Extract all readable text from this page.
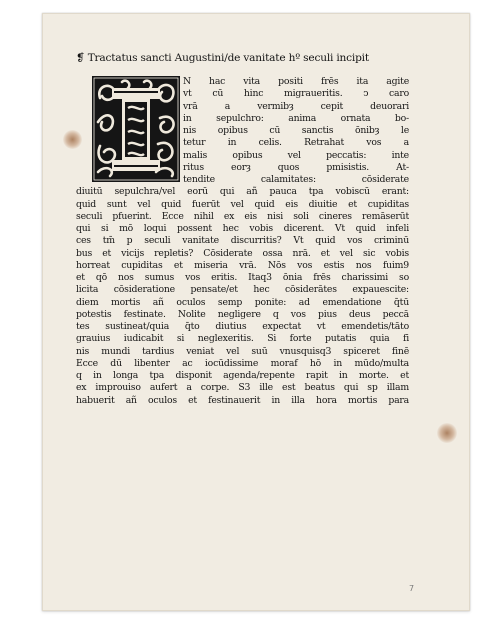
❡ Tractatus sancti Augustini/de vanitate hº seculi incipit
N hac vita positi frēs ita agite
vt cū hinc migraueritis. ↄ caro
vrā a vermibȝ cepit deuorari
in sepulchro: anima ornata bo-
nis opibus cū sanctis ōnibȝ le
tetur in celis. Retrahat vos a
malis opibus vel peccatis: inte
ritus eorȝ quos pmisistis. At-
tendite calamitates: cōsiderate
diuitū sepulchra/vel eorū qui añ pauca tpa vobiscū erant:
quid sunt vel quid fuerūt vel quid eis diuitie et cupiditas
seculi pfuerint. Ecce nihil ex eis nisi soli cineres remāserūt
qui si mō loqui possent hec vobis dicerent. Vt quid infeli
ces tm̄ p seculi vanitate discurritis? Vt quid vos criminū
bus et vicijs repletis? Cōsiderate ossa nrā. et vel sic vobis
horreat cupiditas et miseria vrā. Nōs vos estis nos fuim9
et qō nos sumus vos eritis. Itaq3 ōnia frēs charissimi so
licita cōsideratione pensate/et hec cōsiderātes expauescite:
diem mortis añ oculos semp ponite: ad emendatione q̄tū
potestis festinate. Nolite negligere q vos pius deus peccā
tes sustineat/quia q̄to diutius expectat vt emendetis/tāto
grauius iudicabit si neglexeritis. Si forte putatis quia fi
nis mundi tardius veniat vel suū vnusquisq3 spiceret finē
Ecce dū libenter ac iocūdissime moraf hō in mūdo/multa
q in longa tpa disponit agenda/repente rapit in morte. et
ex improuiso aufert a corpe. S3 ille est beatus qui sp illam
habuerit añ oculos et festinauerit in illa hora mortis para
7
